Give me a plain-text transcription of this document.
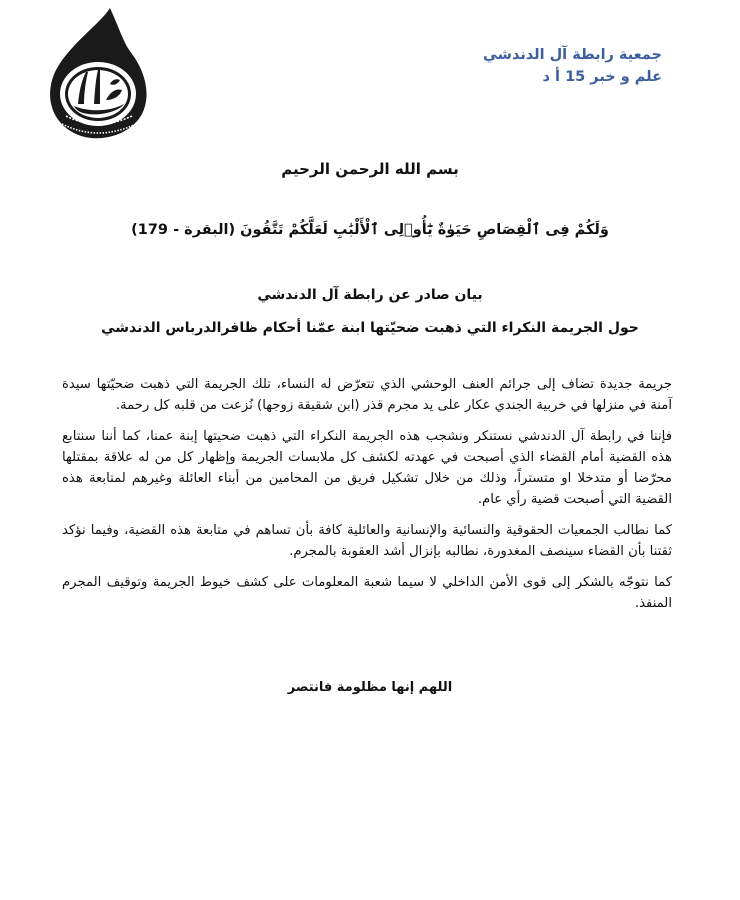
جمعية رابطة آل الدندشي
علم و خبر 15 أ د
بسم الله الرحمن الرحيم
وَلَكُمْ فِى ٱلْقِصَاصِ حَيَوٰةٌ يَٰٓأُو۟لِى ٱلْأَلْبَٰبِ لَعَلَّكُمْ تَتَّقُونَ (البقرة - 179)
بيان صادر عن رابطة آل الدندشي
حول الجريمة النكراء التي ذهبت ضحيّتها ابنة عمّنا أحكام ظافرالدرباس الدندشي

جريمة جديدة تضاف إلى جرائم العنف الوحشي الذي تتعرّض له النساء، تلك الجريمة التي ذهبت ضحيّتها سيدة آمنة في منزلها في خربية الجندي عكار على يد مجرم قذر (ابن شقيقة زوجها) نُزعت من قلبه كل رحمة.

فإننا في رابطة آل الدندشي نستنكر ونشجب هذه الجريمة النكراء التي ذهبت ضحيتها إبنة عمنا، كما أننا سنتابع هذه القضية أمام القضاء الذي أصبحت في عهدته لكشف كل ملابسات الجريمة وإظهار كل من له علاقة بمقتلها محرّضا أو متدخلا او متستراً، وذلك من خلال تشكيل فريق من المحامين من أبناء العائلة وغيرهم لمتابعة هذه القضية التي أصبحت قضية رأي عام.

كما نطالب الجمعيات الحقوقية والنسائية والإنسانية والعائلية كافة بأن تساهم في متابعة هذه القضية، وفيما نؤكد ثقتنا بأن القضاء سينصف المغدورة، نطالبه بإنزال أشد العقوبة بالمجرم.

كما نتوجّه بالشكر إلى قوى الأمن الداخلي لا سيما شعبة المعلومات على كشف خيوط الجريمة وتوقيف المجرم المنفذ.

اللهم إنها مظلومة فانتصر
